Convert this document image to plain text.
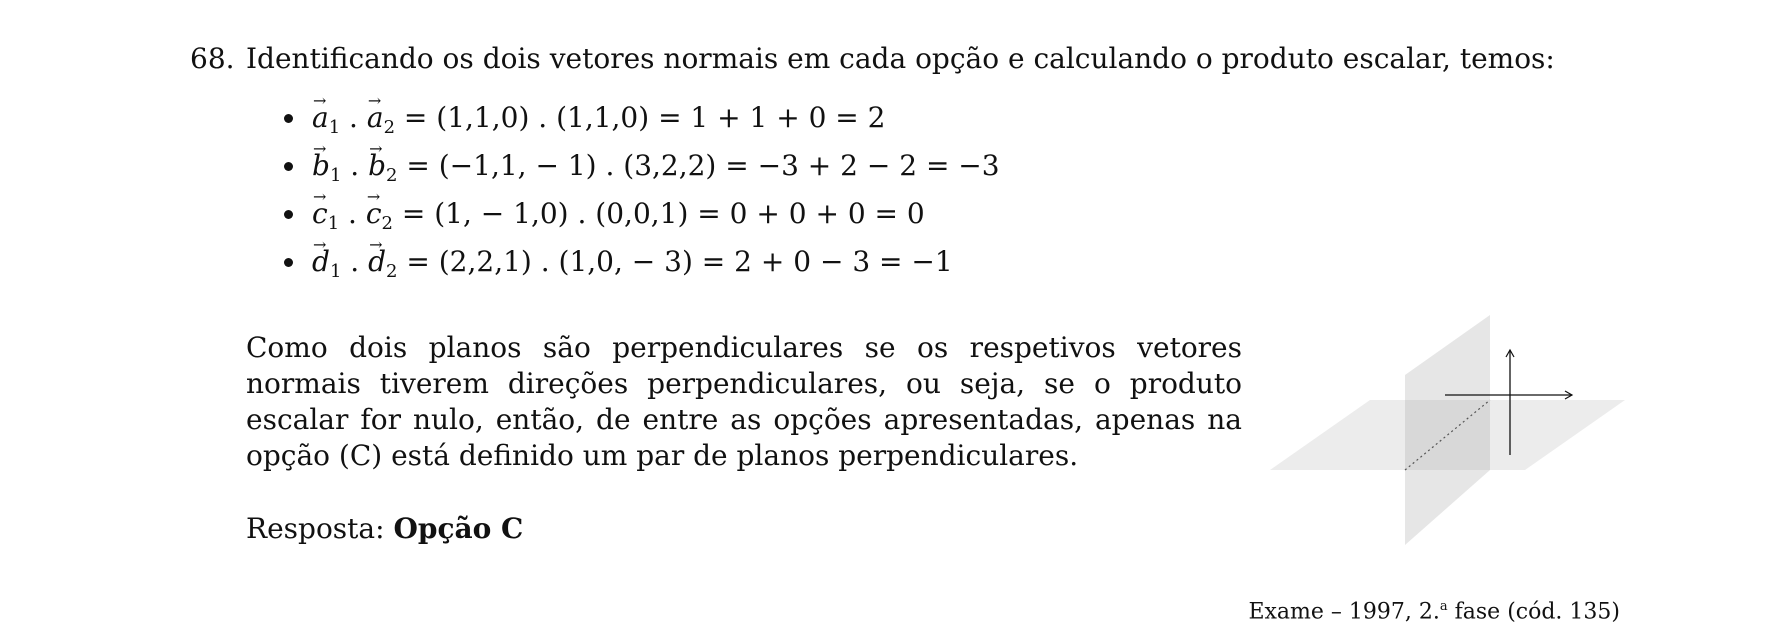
68. Identificando os dois vetores normais em cada opção e calculando o produto escalar, temos:
→ $a_1$ . → $a_2 = (1,1,0)$ . (1,1,0) = 1 + 1 + 0 = 2
→ $b_1$ . → $b_2 = (-1,1$, − 1) . (3,2,2) = −3 + 2 − 2 = −3
→ $c_1$ . → $c_2 = (1$, − 1,0) . (0,0,1) = 0 + 0 + 0 = 0
→ $d_1$ . → $d_2 = (2,2,1)$ . (1,0, − 3) = 2 + 0 − 3 = −1
Como dois planos são perpendiculares se os respetivos vetores normais tiverem direções perpendiculares, ou seja, se o produto escalar for nulo, então, de entre as opções apresentadas, apenas na opção (C) está definido um par de planos perpendiculares.
Resposta: Opção C
Exame – 1997, 2.$^a$ fase (cód. 135)
